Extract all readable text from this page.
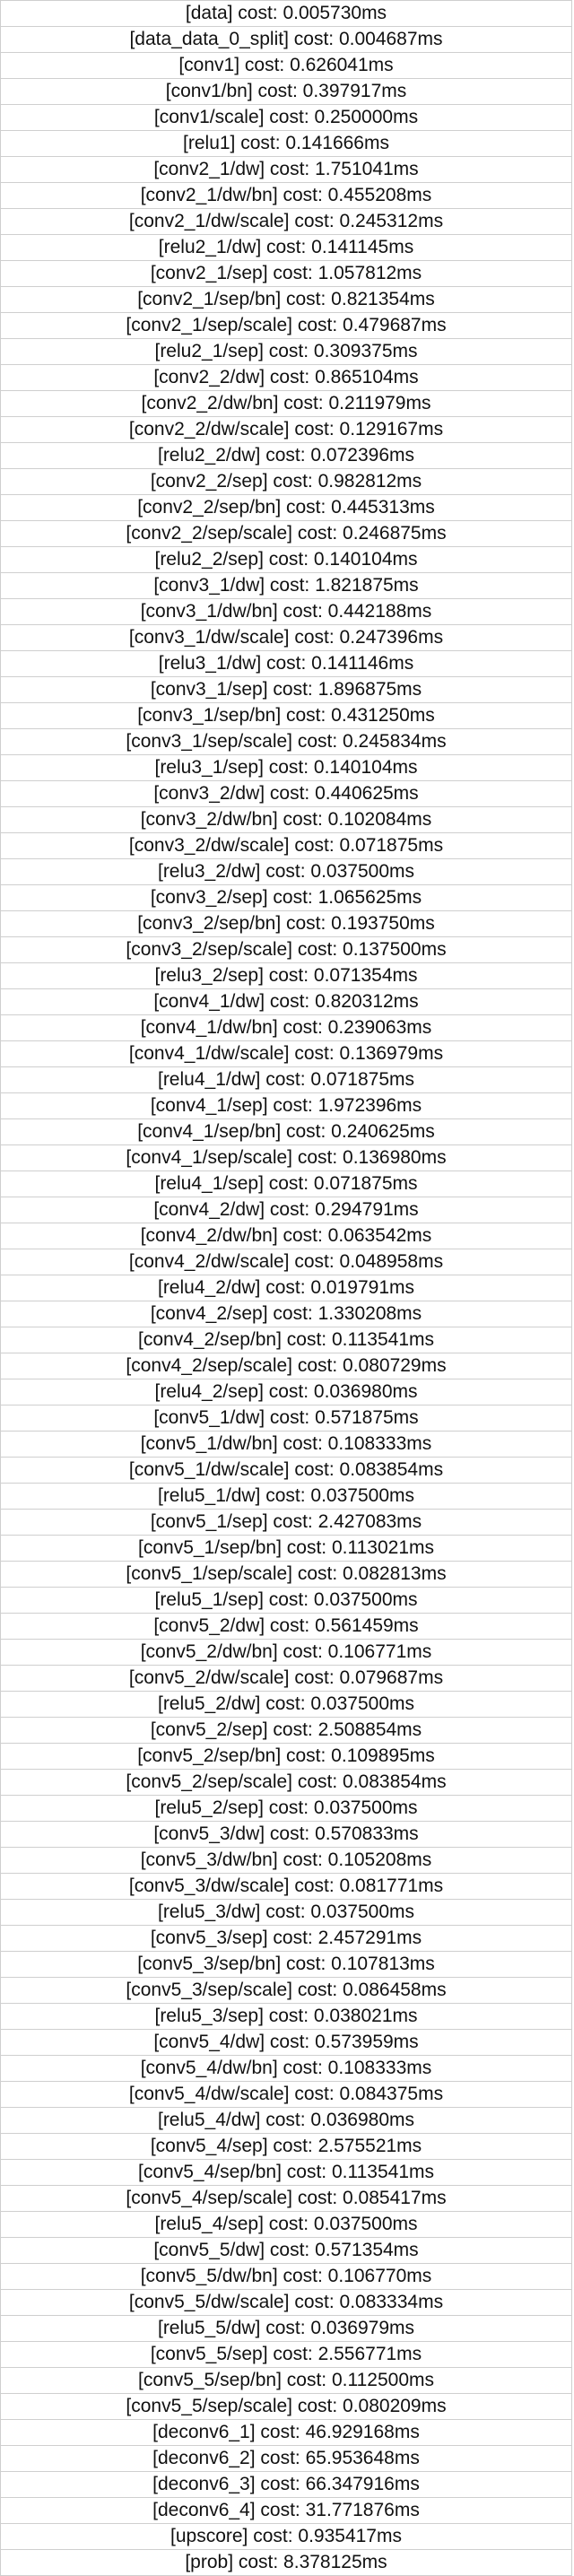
[data] cost: 0.005730ms
[data_data_0_split] cost: 0.004687ms
[conv1] cost: 0.626041ms
[conv1/bn] cost: 0.397917ms
[conv1/scale] cost: 0.250000ms
[relu1] cost: 0.141666ms
[conv2_1/dw] cost: 1.751041ms
[conv2_1/dw/bn] cost: 0.455208ms
[conv2_1/dw/scale] cost: 0.245312ms
[relu2_1/dw] cost: 0.141145ms
[conv2_1/sep] cost: 1.057812ms
[conv2_1/sep/bn] cost: 0.821354ms
[conv2_1/sep/scale] cost: 0.479687ms
[relu2_1/sep] cost: 0.309375ms
[conv2_2/dw] cost: 0.865104ms
[conv2_2/dw/bn] cost: 0.211979ms
[conv2_2/dw/scale] cost: 0.129167ms
[relu2_2/dw] cost: 0.072396ms
[conv2_2/sep] cost: 0.982812ms
[conv2_2/sep/bn] cost: 0.445313ms
[conv2_2/sep/scale] cost: 0.246875ms
[relu2_2/sep] cost: 0.140104ms
[conv3_1/dw] cost: 1.821875ms
[conv3_1/dw/bn] cost: 0.442188ms
[conv3_1/dw/scale] cost: 0.247396ms
[relu3_1/dw] cost: 0.141146ms
[conv3_1/sep] cost: 1.896875ms
[conv3_1/sep/bn] cost: 0.431250ms
[conv3_1/sep/scale] cost: 0.245834ms
[relu3_1/sep] cost: 0.140104ms
[conv3_2/dw] cost: 0.440625ms
[conv3_2/dw/bn] cost: 0.102084ms
[conv3_2/dw/scale] cost: 0.071875ms
[relu3_2/dw] cost: 0.037500ms
[conv3_2/sep] cost: 1.065625ms
[conv3_2/sep/bn] cost: 0.193750ms
[conv3_2/sep/scale] cost: 0.137500ms
[relu3_2/sep] cost: 0.071354ms
[conv4_1/dw] cost: 0.820312ms
[conv4_1/dw/bn] cost: 0.239063ms
[conv4_1/dw/scale] cost: 0.136979ms
[relu4_1/dw] cost: 0.071875ms
[conv4_1/sep] cost: 1.972396ms
[conv4_1/sep/bn] cost: 0.240625ms
[conv4_1/sep/scale] cost: 0.136980ms
[relu4_1/sep] cost: 0.071875ms
[conv4_2/dw] cost: 0.294791ms
[conv4_2/dw/bn] cost: 0.063542ms
[conv4_2/dw/scale] cost: 0.048958ms
[relu4_2/dw] cost: 0.019791ms
[conv4_2/sep] cost: 1.330208ms
[conv4_2/sep/bn] cost: 0.113541ms
[conv4_2/sep/scale] cost: 0.080729ms
[relu4_2/sep] cost: 0.036980ms
[conv5_1/dw] cost: 0.571875ms
[conv5_1/dw/bn] cost: 0.108333ms
[conv5_1/dw/scale] cost: 0.083854ms
[relu5_1/dw] cost: 0.037500ms
[conv5_1/sep] cost: 2.427083ms
[conv5_1/sep/bn] cost: 0.113021ms
[conv5_1/sep/scale] cost: 0.082813ms
[relu5_1/sep] cost: 0.037500ms
[conv5_2/dw] cost: 0.561459ms
[conv5_2/dw/bn] cost: 0.106771ms
[conv5_2/dw/scale] cost: 0.079687ms
[relu5_2/dw] cost: 0.037500ms
[conv5_2/sep] cost: 2.508854ms
[conv5_2/sep/bn] cost: 0.109895ms
[conv5_2/sep/scale] cost: 0.083854ms
[relu5_2/sep] cost: 0.037500ms
[conv5_3/dw] cost: 0.570833ms
[conv5_3/dw/bn] cost: 0.105208ms
[conv5_3/dw/scale] cost: 0.081771ms
[relu5_3/dw] cost: 0.037500ms
[conv5_3/sep] cost: 2.457291ms
[conv5_3/sep/bn] cost: 0.107813ms
[conv5_3/sep/scale] cost: 0.086458ms
[relu5_3/sep] cost: 0.038021ms
[conv5_4/dw] cost: 0.573959ms
[conv5_4/dw/bn] cost: 0.108333ms
[conv5_4/dw/scale] cost: 0.084375ms
[relu5_4/dw] cost: 0.036980ms
[conv5_4/sep] cost: 2.575521ms
[conv5_4/sep/bn] cost: 0.113541ms
[conv5_4/sep/scale] cost: 0.085417ms
[relu5_4/sep] cost: 0.037500ms
[conv5_5/dw] cost: 0.571354ms
[conv5_5/dw/bn] cost: 0.106770ms
[conv5_5/dw/scale] cost: 0.083334ms
[relu5_5/dw] cost: 0.036979ms
[conv5_5/sep] cost: 2.556771ms
[conv5_5/sep/bn] cost: 0.112500ms
[conv5_5/sep/scale] cost: 0.080209ms
[deconv6_1] cost: 46.929168ms
[deconv6_2] cost: 65.953648ms
[deconv6_3] cost: 66.347916ms
[deconv6_4] cost: 31.771876ms
[upscore] cost: 0.935417ms
[prob] cost: 8.378125ms
